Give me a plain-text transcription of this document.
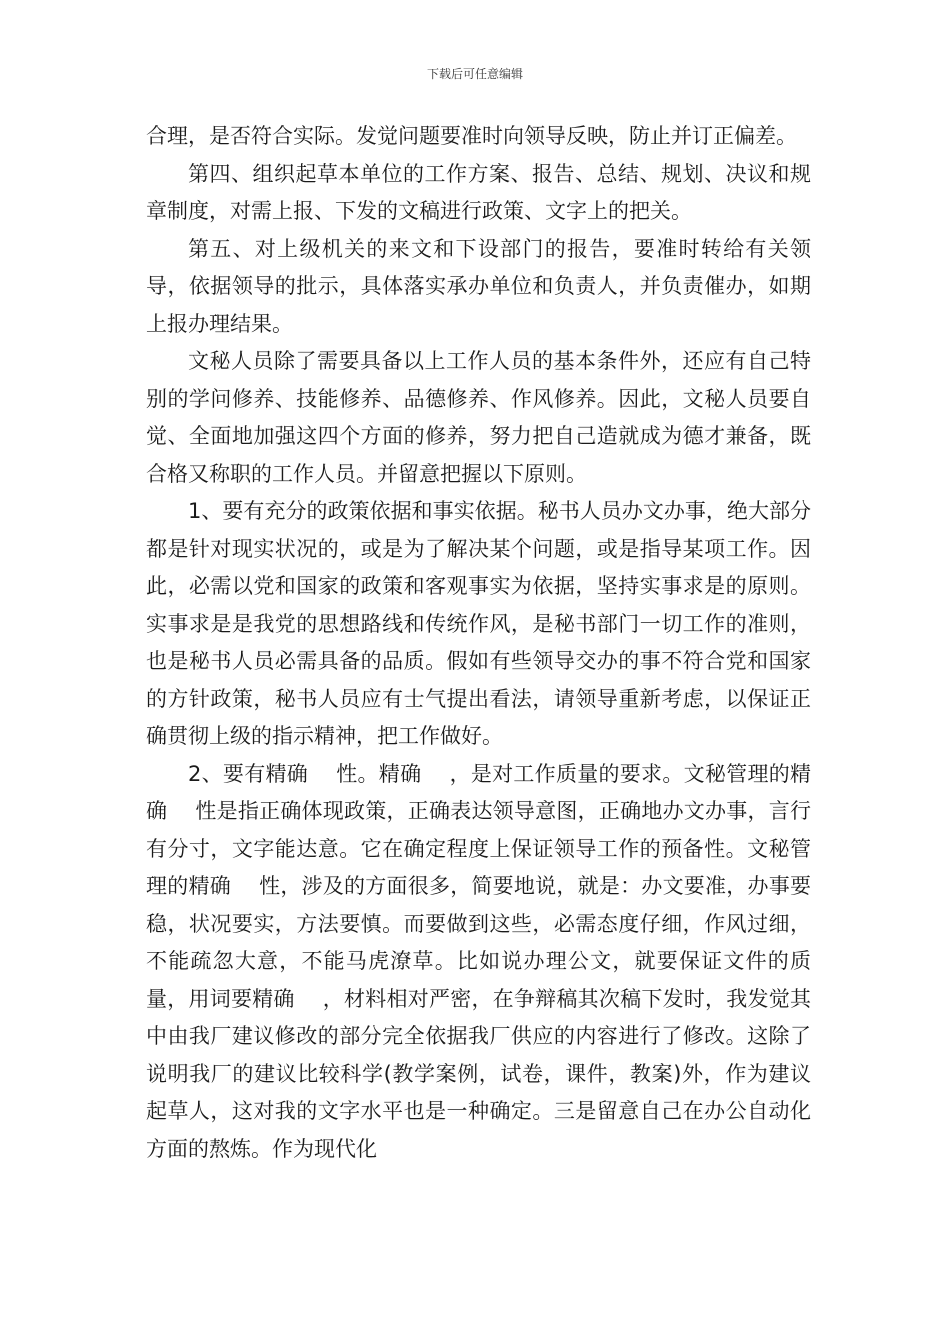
下载后可任意编辑

合理，是否符合实际。发觉问题要准时向领导反映，防止并订正偏差。

第四、组织起草本单位的工作方案、报告、总结、规划、决议和规章制度，对需上报、下发的文稿进行政策、文字上的把关。

第五、对上级机关的来文和下设部门的报告，要准时转给有关领导，依据领导的批示，具体落实承办单位和负责人，并负责催办，如期上报办理结果。

文秘人员除了需要具备以上工作人员的基本条件外，还应有自己特别的学问修养、技能修养、品德修养、作风修养。因此，文秘人员要自觉、全面地加强这四个方面的修养，努力把自己造就成为德才兼备，既合格又称职的工作人员。并留意把握以下原则。

1、要有充分的政策依据和事实依据。秘书人员办文办事，绝大部分都是针对现实状况的，或是为了解决某个问题，或是指导某项工作。因此，必需以党和国家的政策和客观事实为依据，坚持实事求是的原则。实事求是是我党的思想路线和传统作风，是秘书部门一切工作的准则，也是秘书人员必需具备的品质。假如有些领导交办的事不符合党和国家的方针政策，秘书人员应有士气提出看法，请领导重新考虑，以保证正确贯彻上级的指示精神，把工作做好。

2、要有精确　 性。精确　 ，是对工作质量的要求。文秘管理的精确　 性是指正确体现政策，正确表达领导意图，正确地办文办事，言行有分寸，文字能达意。它在确定程度上保证领导工作的预备性。文秘管理的精确　 性，涉及的方面很多，简要地说，就是：办文要准，办事要稳，状况要实，方法要慎。而要做到这些，必需态度仔细，作风过细，不能疏忽大意，不能马虎潦草。比如说办理公文，就要保证文件的质量，用词要精确　 ，材料相对严密，在争辩稿其次稿下发时，我发觉其中由我厂建议修改的部分完全依据我厂供应的内容进行了修改。这除了说明我厂的建议比较科学(教学案例，试卷，课件，教案)外，作为建议起草人，这对我的文字水平也是一种确定。三是留意自己在办公自动化方面的熬炼。作为现代化
